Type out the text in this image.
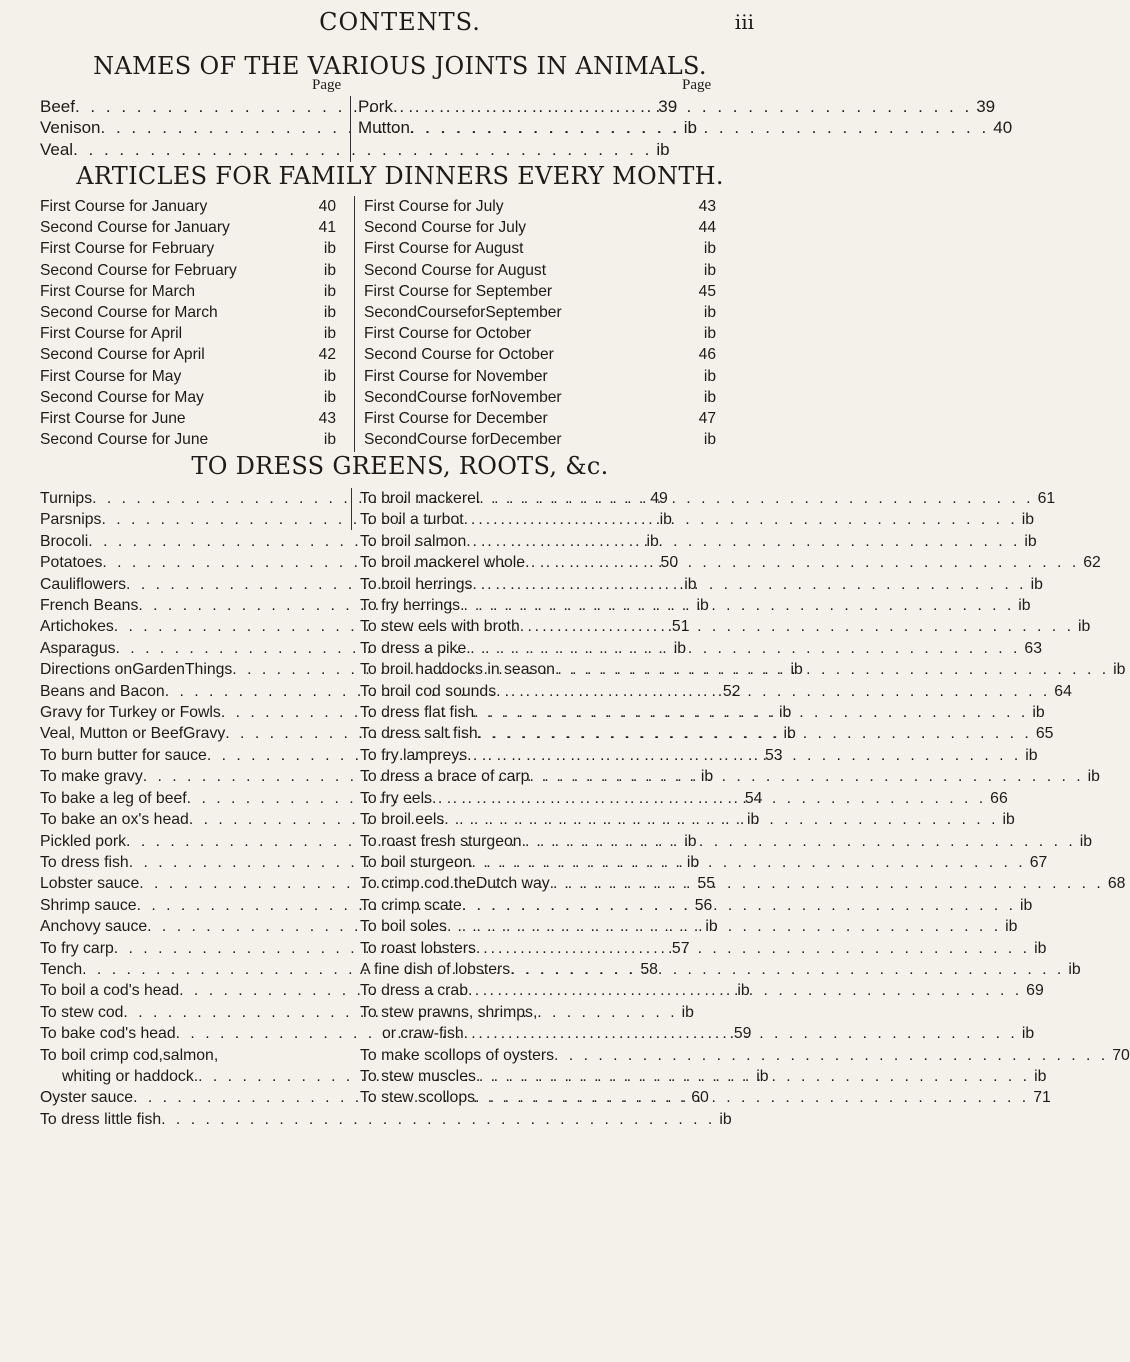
CONTENTS.	iii
NAMES OF THE VARIOUS JOINTS IN ANIMALS.
Page	Page
Beef . . .	39
Venison . . .	ib
Veal . . .	ib
Pork . . .	39
Mutton . . .	40
ARTICLES FOR FAMILY DINNERS EVERY MONTH.
First Course for January	40
Second Course for January	41
First Course for February	ib
Second Course for February	ib
First Course for March	ib
Second Course for March	ib
First Course for April	ib
Second Course for April	42
First Course for May	ib
Second Course for May	ib
First Course for June	43
Second Course for June	ib
First Course for July	43
Second Course for July	44
First Course for August	ib
Second Course for August	ib
First Course for September	45
SecondCourseforSeptember	ib
First Course for October	ib
Second Course for October	46
First Course for November	ib
SecondCourse forNovember	ib
First Course for December	47
SecondCourse forDecember	ib
TO DRESS GREENS, ROOTS, &c.
Turnips . . .	49
Parsnips . . .	ib
Brocoli . . .	ib
Potatoes . . .	50
Cauliflowers . . .	ib
French Beans . . .	ib
Artichokes . . .	51
Asparagus . . .	ib
Directions onGardenThings . . .	ib
Beans and Bacon . . .	52
Gravy for Turkey or Fowls . . .	ib
Veal, Mutton or BeefGravy . . .	ib
To burn butter for sauce . . .	53
To make gravy . . .	ib
To bake a leg of beef . . .	54
To bake an ox's head . . .	ib
Pickled pork . . .	ib
To dress fish . . .	ib
Lobster sauce . . .	55
Shrimp sauce . . .	56
Anchovy sauce . . .	ib
To fry carp . . .	57
Tench . . .	58
To boil a cod's head . . .	ib
To stew cod . . .	ib
To bake cod's head . . .	59
To boil crimp cod,salmon,
whiting or haddock. . . .	ib
Oyster sauce . . .	60
To dress little fish . . .	ib
To broil mackerel . . .	61
To boil a turbot . . .	ib
To broil salmon . . .	ib
To broil mackerel whole . . .	62
To broil herrings . . .	ib
To fry herrings . . .	ib
To stew eels with broth . . .	ib
To dress a pike . . .	63
To broil haddocks in season . . .	ib
To broil cod sounds . . .	64
To dress flat fish . . .	ib
To dress salt fish . . .	65
To fry lampreys . . .	ib
To dress a brace of carp . . .	ib
To fry eels . . .	66
To broil eels . . .	ib
To roast fresh sturgeon . . .	ib
To boil sturgeon . . .	67
To crimp cod theDutch way . . .	68
To crimp scate . . .	ib
To boil soles . . .	ib
To roast lobsters . . .	ib
A fine dish of lobsters . . .	ib
To dress a crab . . .	69
To stew prawns, shrimps,
or craw-fish . . .	ib
To make scollops of oysters . . .	70
To stew muscles . . .	ib
To stew scollops . . .	71
